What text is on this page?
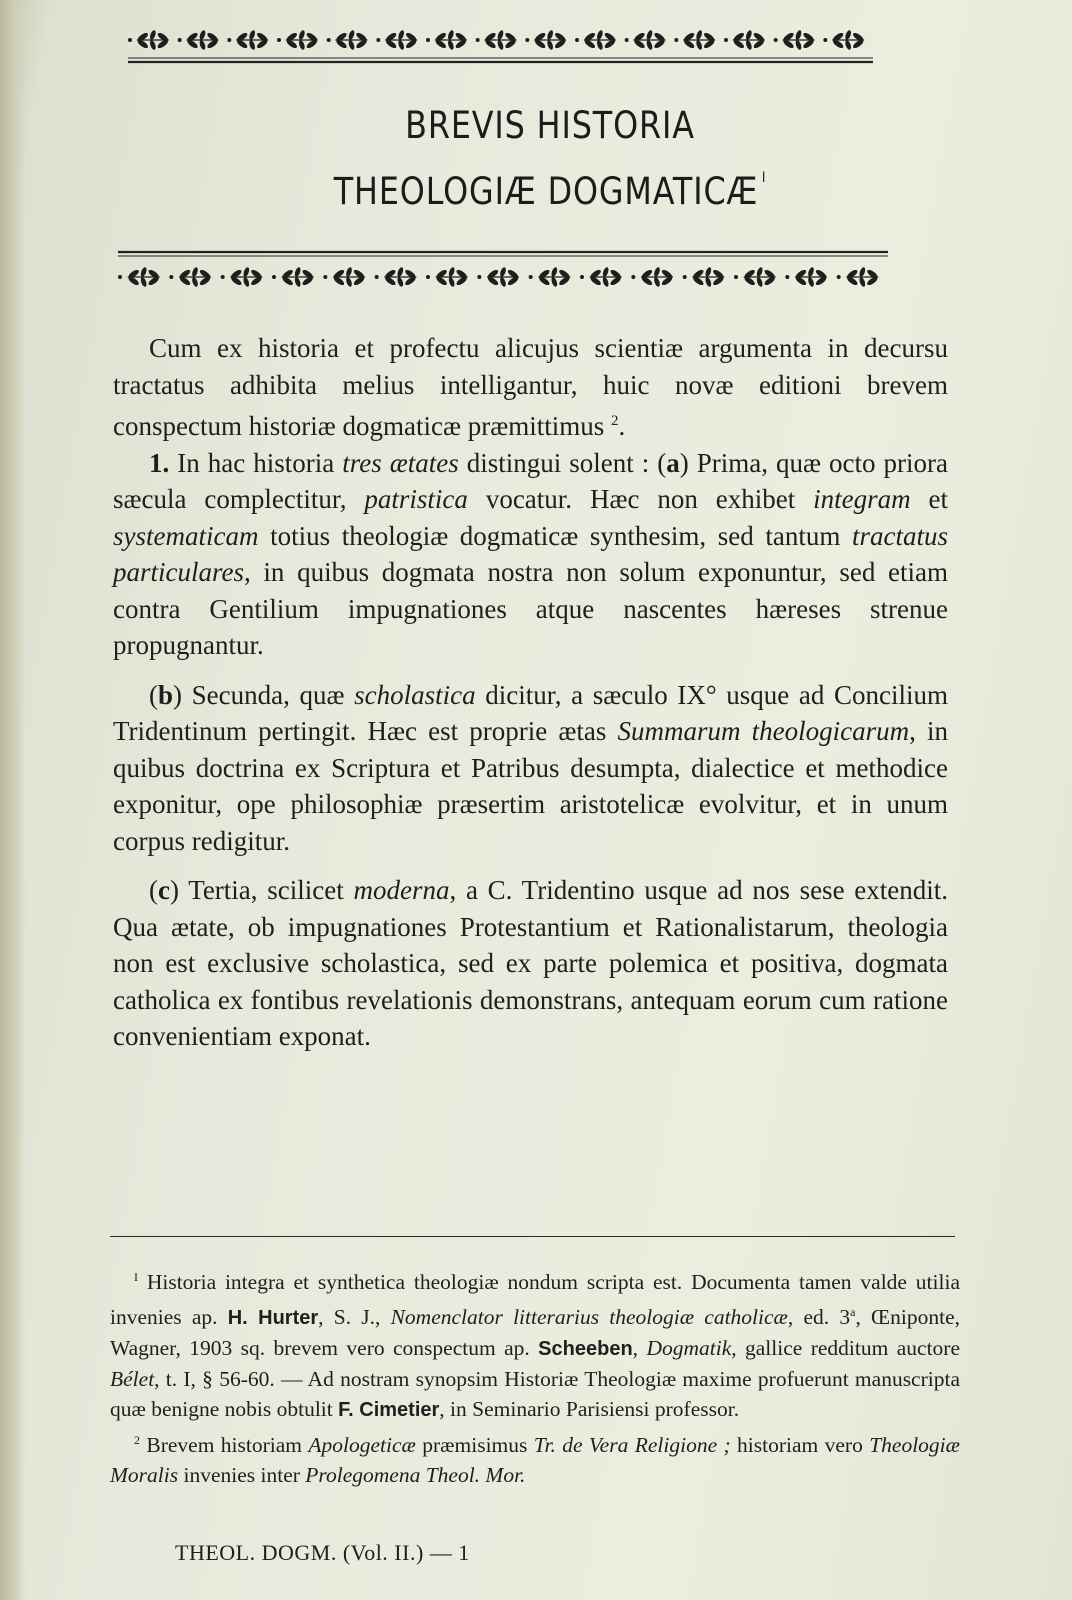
BREVIS HISTORIA
THEOLOGIÆ DOGMATICÆ $^I$

Cum ex historia et profectu alicujus scientiæ argumenta in decursu tractatus adhibita melius intelligantur, huic novæ editioni brevem conspectum historiæ dogmaticæ præmittimus $^2$.

1. In hac historia tres ætates distingui solent : (a) Prima, quæ octo priora sæcula complectitur, patristica vocatur. Hæc non exhibet integram et systematicam totius theologiæ dogmaticæ synthesim, sed tantum tractatus particulares, in quibus dogmata nostra non solum exponuntur, sed etiam contra Gentilium impugnationes atque nascentes hæreses strenue propugnantur.

(b) Secunda, quæ scholastica dicitur, a sæculo IX° usque ad Concilium Tridentinum pertingit. Hæc est proprie ætas Summarum theologicarum, in quibus doctrina ex Scriptura et Patribus desumpta, dialectice et methodice exponitur, ope philosophiæ præsertim aristotelicæ evolvitur, et in unum corpus redigitur.

(c) Tertia, scilicet moderna, a C. Tridentino usque ad nos sese extendit. Qua ætate, ob impugnationes Protestantium et Rationalistarum, theologia non est exclusive scholastica, sed ex parte polemica et positiva, dogmata catholica ex fontibus revelationis demonstrans, antequam eorum cum ratione convenientiam exponat.

$^I$ Historia integra et synthetica theologiæ nondum scripta est. Documenta tamen valde utilia invenies ap. H. Hurter, S. J., Nomenclator litterarius theologiæ catholicæ, ed. 3$^a$, Œniponte, Wagner, 1903 sq. brevem vero conspectum ap. Scheeben, Dogmatik, gallice redditum auctore Bélet, t. I, § 56-60. — Ad nostram synopsim Historiæ Theologiæ maxime profuerunt manuscripta quæ benigne nobis obtulit F. Cimetier, in Seminario Parisiensi professor.

$^2$ Brevem historiam Apologeticæ præmisimus Tr. de Vera Religione ; historiam vero Theologiæ Moralis invenies inter Prolegomena Theol. Mor.

THEOL. DOGM. (Vol. II.) — 1
